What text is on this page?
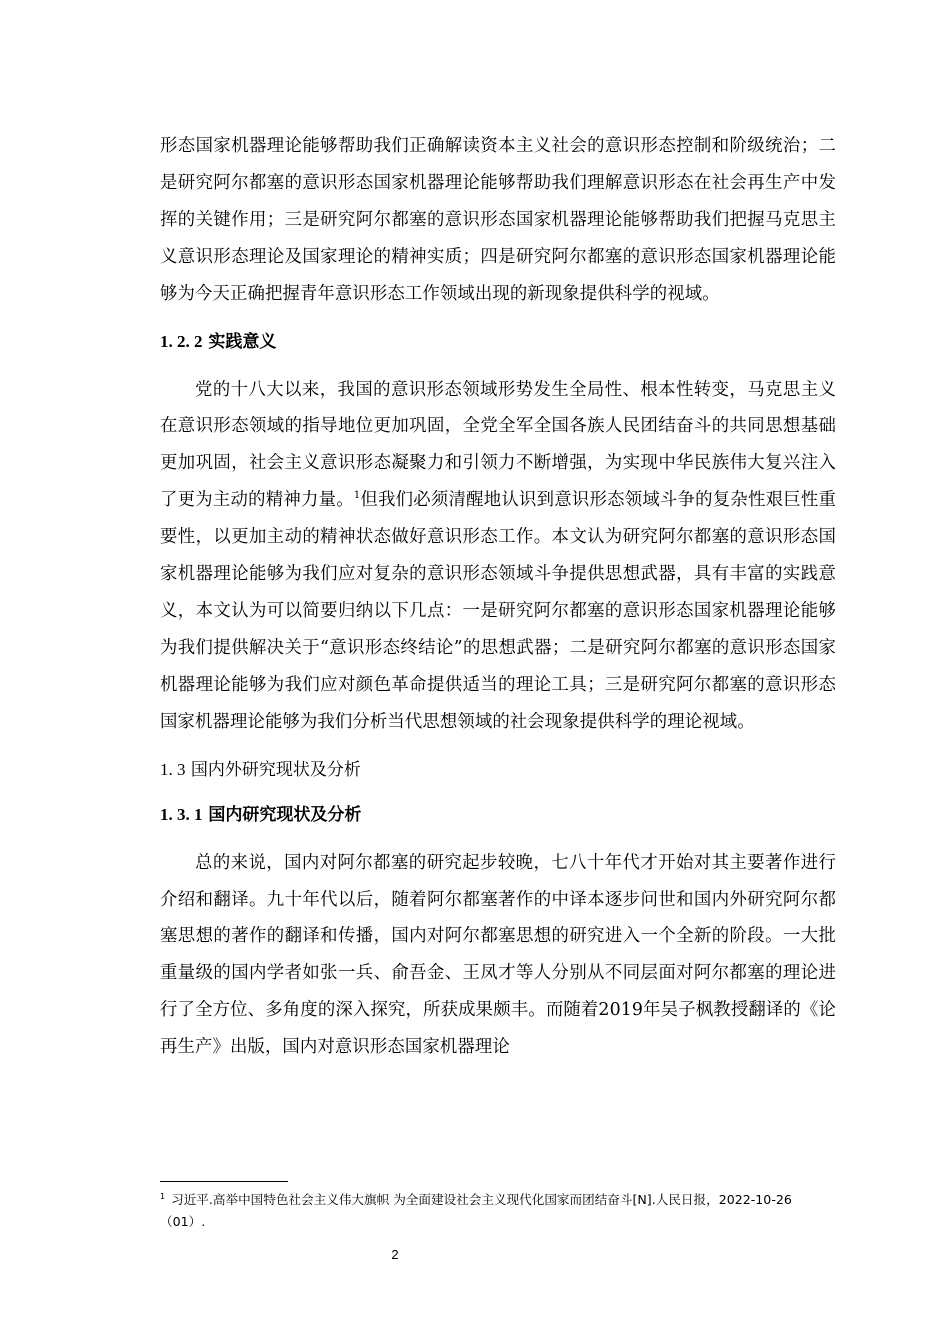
形态国家机器理论能够帮助我们正确解读资本主义社会的意识形态控制和阶级统治；二是研究阿尔都塞的意识形态国家机器理论能够帮助我们理解意识形态在社会再生产中发挥的关键作用；三是研究阿尔都塞的意识形态国家机器理论能够帮助我们把握马克思主义意识形态理论及国家理论的精神实质；四是研究阿尔都塞的意识形态国家机器理论能够为今天正确把握青年意识形态工作领域出现的新现象提供科学的视域。

1. 2. 2 实践意义

党的十八大以来，我国的意识形态领域形势发生全局性、根本性转变，马克思主义在意识形态领域的指导地位更加巩固，全党全军全国各族人民团结奋斗的共同思想基础更加巩固，社会主义意识形态凝聚力和引领力不断增强，为实现中华民族伟大复兴注入了更为主动的精神力量。$^1$但我们必须清醒地认识到意识形态领域斗争的复杂性艰巨性重要性，以更加主动的精神状态做好意识形态工作。本文认为研究阿尔都塞的意识形态国家机器理论能够为我们应对复杂的意识形态领域斗争提供思想武器，具有丰富的实践意义，本文认为可以简要归纳以下几点：一是研究阿尔都塞的意识形态国家机器理论能够为我们提供解决关于“意识形态终结论”的思想武器；二是研究阿尔都塞的意识形态国家机器理论能够为我们应对颜色革命提供适当的理论工具；三是研究阿尔都塞的意识形态国家机器理论能够为我们分析当代思想领域的社会现象提供科学的理论视域。

1. 3 国内外研究现状及分析
1. 3. 1 国内研究现状及分析

总的来说，国内对阿尔都塞的研究起步较晚，七八十年代才开始对其主要著作进行介绍和翻译。九十年代以后，随着阿尔都塞著作的中译本逐步问世和国内外研究阿尔都塞思想的著作的翻译和传播，国内对阿尔都塞思想的研究进入一个全新的阶段。一大批重量级的国内学者如张一兵、俞吾金、王凤才等人分别从不同层面对阿尔都塞的理论进行了全方位、多角度的深入探究，所获成果颇丰。而随着2019年吴子枫教授翻译的《论再生产》出版，国内对意识形态国家机器理论

$^1$ 习近平.高举中国特色社会主义伟大旗帜 为全面建设社会主义现代化国家而团结奋斗[N].人民日报，2022-10-26（01）.
2
